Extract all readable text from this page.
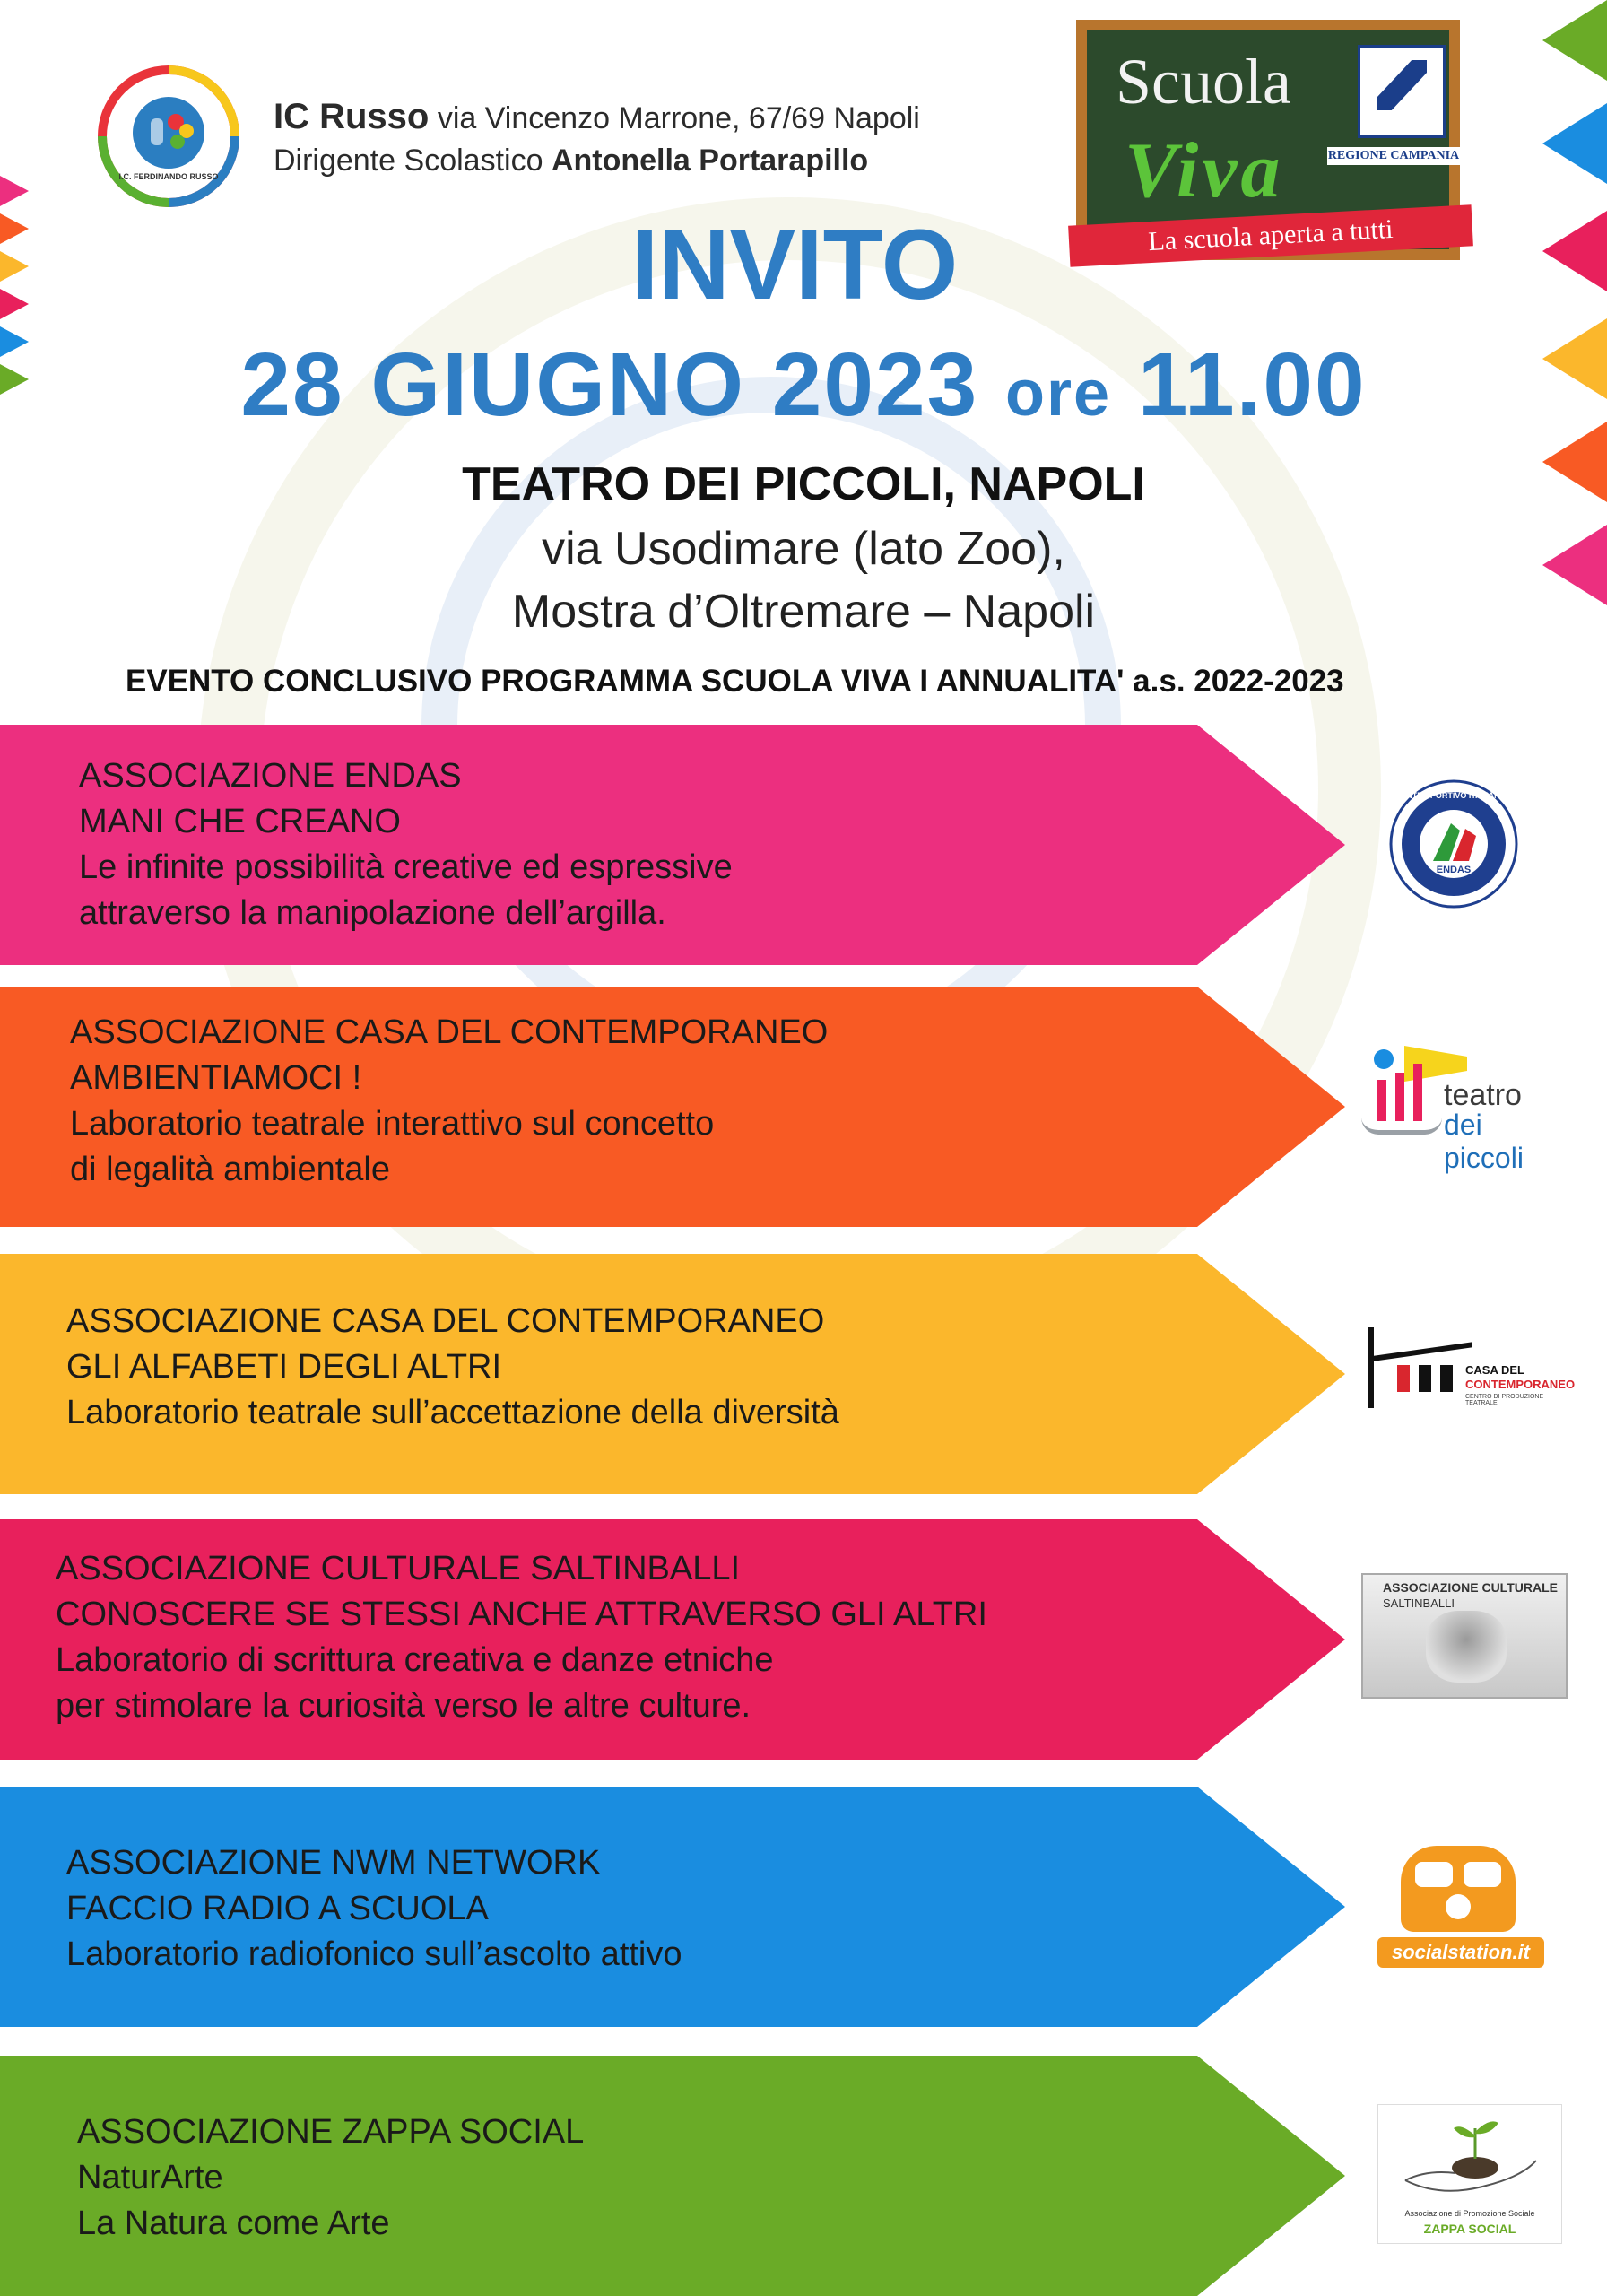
I.C. FERDINANDO RUSSO
IC Russo via Vincenzo Marrone, 67/69 Napoli
Dirigente Scolastico Antonella Portarapillo
Scuola
REGIONE CAMPANIA
Viva
La scuola aperta a tutti
INVITO
28 GIUGNO 2023 ore 11.00
TEATRO DEI PICCOLI, NAPOLI
via Usodimare (lato Zoo),
Mostra d’Oltremare – Napoli
EVENTO CONCLUSIVO PROGRAMMA SCUOLA VIVA I ANNUALITA' a.s. 2022-2023
ASSOCIAZIONE ENDAS
MANI CHE CREANO
Le infinite possibilità creative ed espressive
attraverso la manipolazione dell’argilla.
ENTE SPORTIVO ITALIANO
ENDAS
ASSOCIAZIONE CASA DEL CONTEMPORANEO
AMBIENTIAMOCI !
Laboratorio teatrale interattivo sul concetto
di legalità ambientale
teatro
dei piccoli
ASSOCIAZIONE CASA DEL CONTEMPORANEO
GLI ALFABETI DEGLI ALTRI
Laboratorio teatrale sull’accettazione della diversità
CASA DEL
CONTEMPORANEO
CENTRO DI PRODUZIONE TEATRALE
ASSOCIAZIONE CULTURALE SALTINBALLI
CONOSCERE SE STESSI ANCHE ATTRAVERSO GLI ALTRI
Laboratorio di scrittura creativa e danze etniche
per stimolare la curiosità verso le altre culture.
ASSOCIAZIONE CULTURALE
SALTINBALLI
ASSOCIAZIONE NWM NETWORK
FACCIO RADIO A SCUOLA
Laboratorio radiofonico sull’ascolto attivo	socialstation.it
ASSOCIAZIONE ZAPPA SOCIAL
NaturArte
La Natura come Arte	Associazione di Promozione Sociale
ZAPPA SOCIAL
